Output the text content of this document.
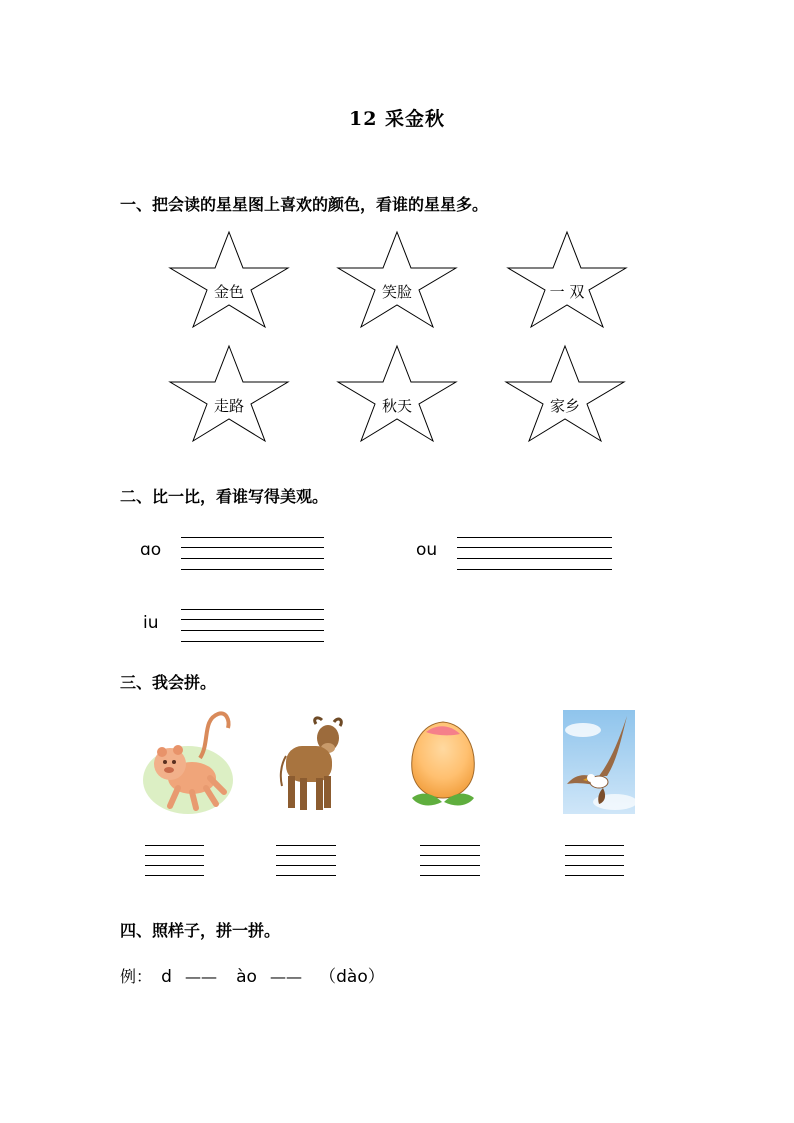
12 采金秋
一、把会读的星星图上喜欢的颜色，看谁的星星多。
金色	笑脸	一 双
走路	秋天	家乡
二、比一比，看谁写得美观。
ɑo	ou
iu
三、我会拼。
四、照样子，拼一拼。
例： d —— ào —— （dào）
